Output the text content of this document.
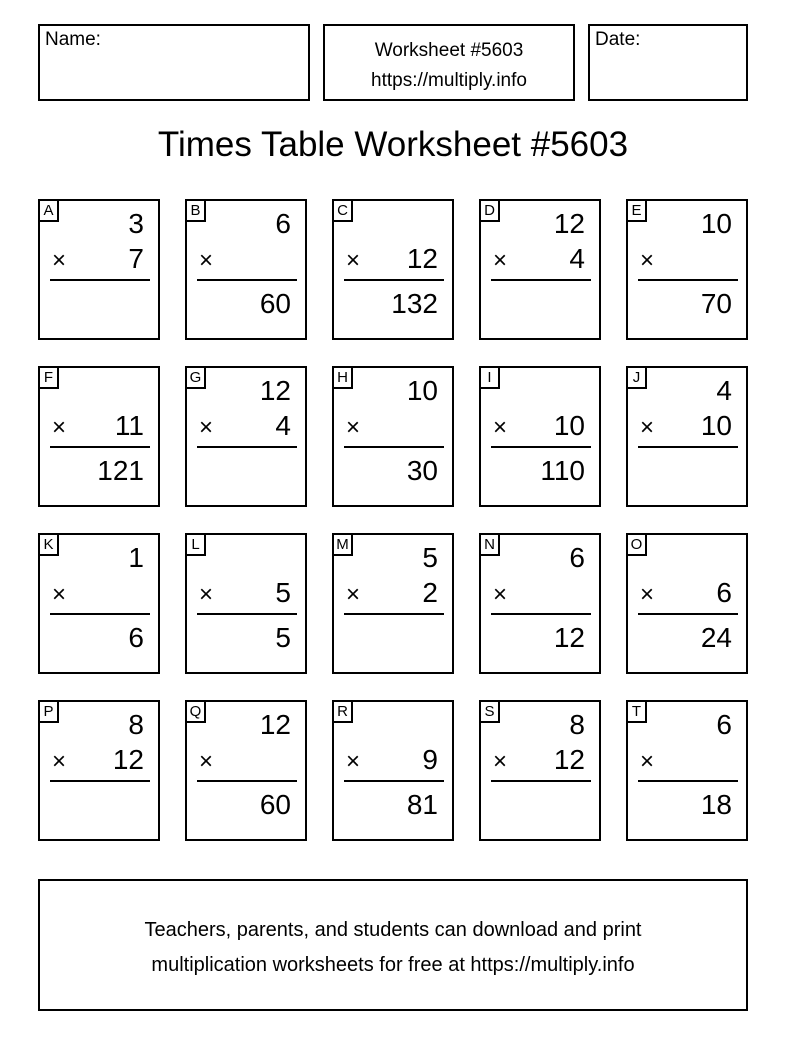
Name:
Worksheet #5603
https://multiply.info
Date:
Times Table Worksheet #5603
A	3
× 7
B	6
×
60
C
× 12
132
D 12
× 4
E 10
×
70
F
× 11
121
G 12
× 4
H 10
×
30
I
× 10
110
J	4
× 10
K	1
×
6
L
× 5
5
M	5
× 2
N	6
×
12
O
× 6
24
P	8
× 12
Q 12
×
60
R
× 9
81
S	8
× 12
T	6
×
18
Teachers, parents, and students can download and print
multiplication worksheets for free at https://multiply.info
